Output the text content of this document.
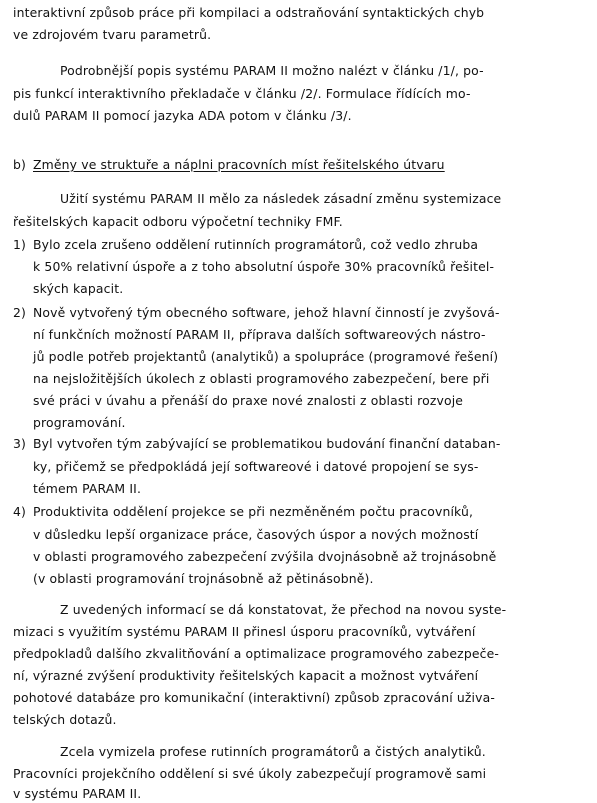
interaktivní způsob práce při kompilaci a odstraňování syntaktických chyb
ve zdrojovém tvaru parametrů.
Podrobnější popis systému PARAM II možno nalézt v článku /1/, po-
pis funkcí interaktivního překladače v článku /2/. Formulace řídících mo-
dulů PARAM II pomocí jazyka ADA potom v článku /3/.
b) Změny ve struktuře a náplni pracovních míst řešitelského útvaru
Užití systému PARAM II mělo za následek zásadní změnu systemizace
řešitelských kapacit odboru výpočetní techniky FMF.
1) Bylo zcela zrušeno oddělení rutinních programátorů, což vedlo zhruba
k 50% relativní úspoře a z toho absolutní úspoře 30% pracovníků řešitel-
ských kapacit.
2) Nově vytvořený tým obecného software, jehož hlavní činností je zvyšová-
ní funkčních možností PARAM II, příprava dalších softwareových nástro-
jů podle potřeb projektantů (analytiků) a spolupráce (programové řešení)
na nejsložitějších úkolech z oblasti programového zabezpečení, bere při
své práci v úvahu a přenáší do praxe nové znalosti z oblasti rozvoje
programování.
3) Byl vytvořen tým zabývající se problematikou budování finanční databan-
ky, přičemž se předpokládá její softwareové i datové propojení se sys-
témem PARAM II.
4) Produktivita oddělení projekce se při nezměněném počtu pracovníků,
v důsledku lepší organizace práce, časových úspor a nových možností
v oblasti programového zabezpečení zvýšila dvojnásobně až trojnásobně
(v oblasti programování trojnásobně až pětinásobně).
Z uvedených informací se dá konstatovat, že přechod na novou syste-
mizaci s využitím systému PARAM II přinesl úsporu pracovníků, vytváření
předpokladů dalšího zkvalitňování a optimalizace programového zabezpeče-
ní, výrazné zvýšení produktivity řešitelských kapacit a možnost vytváření
pohotové databáze pro komunikační (interaktivní) způsob zpracování uživa-
telských dotazů.
Zcela vymizela profese rutinních programátorů a čistých analytiků.
Pracovníci projekčního oddělení si své úkoly zabezpečují programově sami
v systému PARAM II.
